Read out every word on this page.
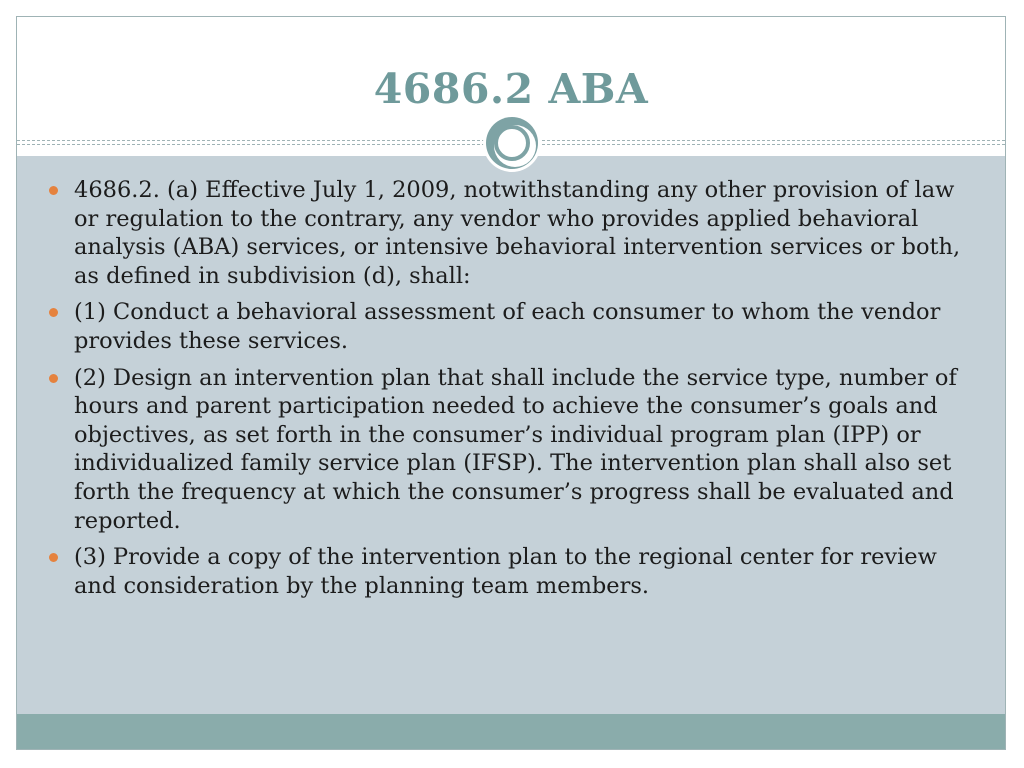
4686.2 ABA
4686.2. (a) Effective July 1, 2009, notwithstanding any other provision of law or regulation to the contrary, any vendor who provides applied behavioral analysis (ABA) services, or intensive behavioral intervention services or both, as defined in subdivision (d), shall:
(1) Conduct a behavioral assessment of each consumer to whom the vendor provides these services.
(2) Design an intervention plan that shall include the service type, number of hours and parent participation needed to achieve the consumer’s goals and objectives, as set forth in the consumer’s individual program plan (IPP) or individualized family service plan (IFSP). The intervention plan shall also set forth the frequency at which the consumer’s progress shall be evaluated and reported.
(3) Provide a copy of the intervention plan to the regional center for review and consideration by the planning team members.
